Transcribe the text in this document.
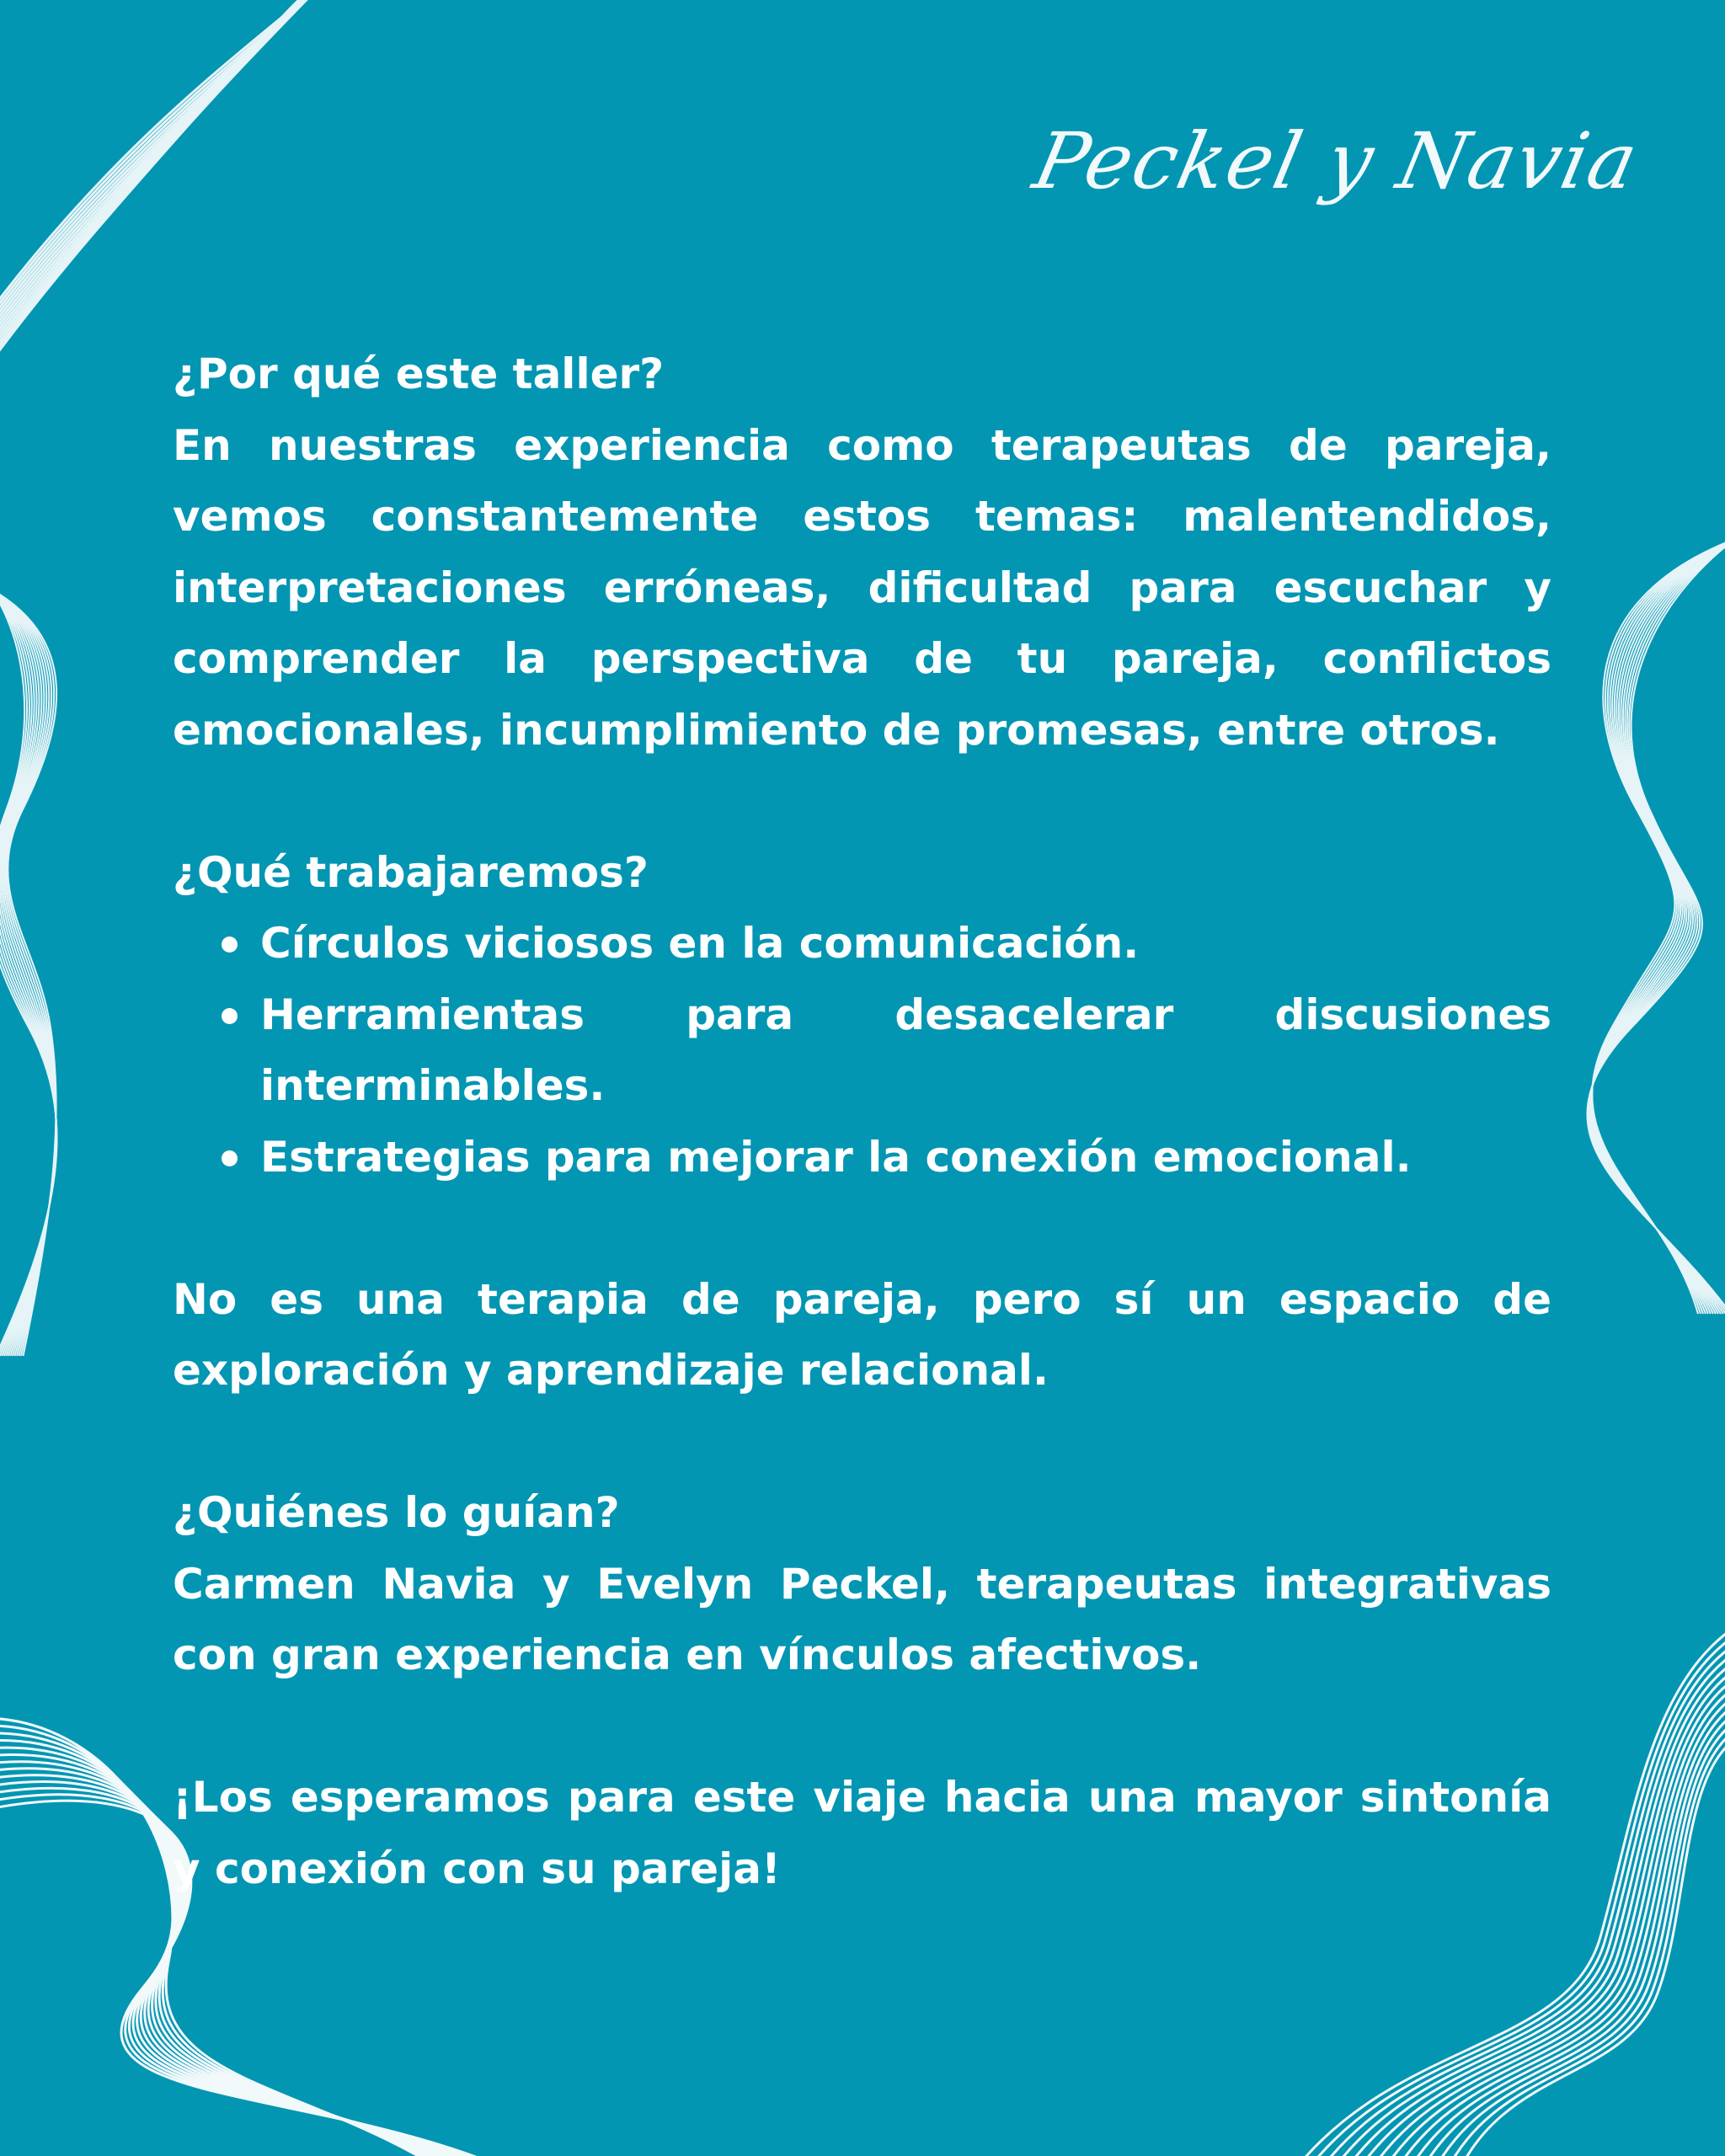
Peckel y Navia

¿Por qué este taller?

En nuestras experiencia como terapeutas de pareja, vemos constantemente estos temas: malentendidos, interpretaciones erróneas, dificultad para escuchar y comprender la perspectiva de tu pareja, conflictos emocionales, incumplimiento de promesas, entre otros.

¿Qué trabajaremos?

Círculos viciosos en la comunicación.
Herramientas para desacelerar discusiones interminables.
Estrategias para mejorar la conexión emocional.

No es una terapia de pareja, pero sí un espacio de exploración y aprendizaje relacional.

¿Quiénes lo guían?

Carmen Navia y Evelyn Peckel, terapeutas integrativas con gran experiencia en vínculos afectivos.

¡Los esperamos para este viaje hacia una mayor sintonía y conexión con su pareja!
